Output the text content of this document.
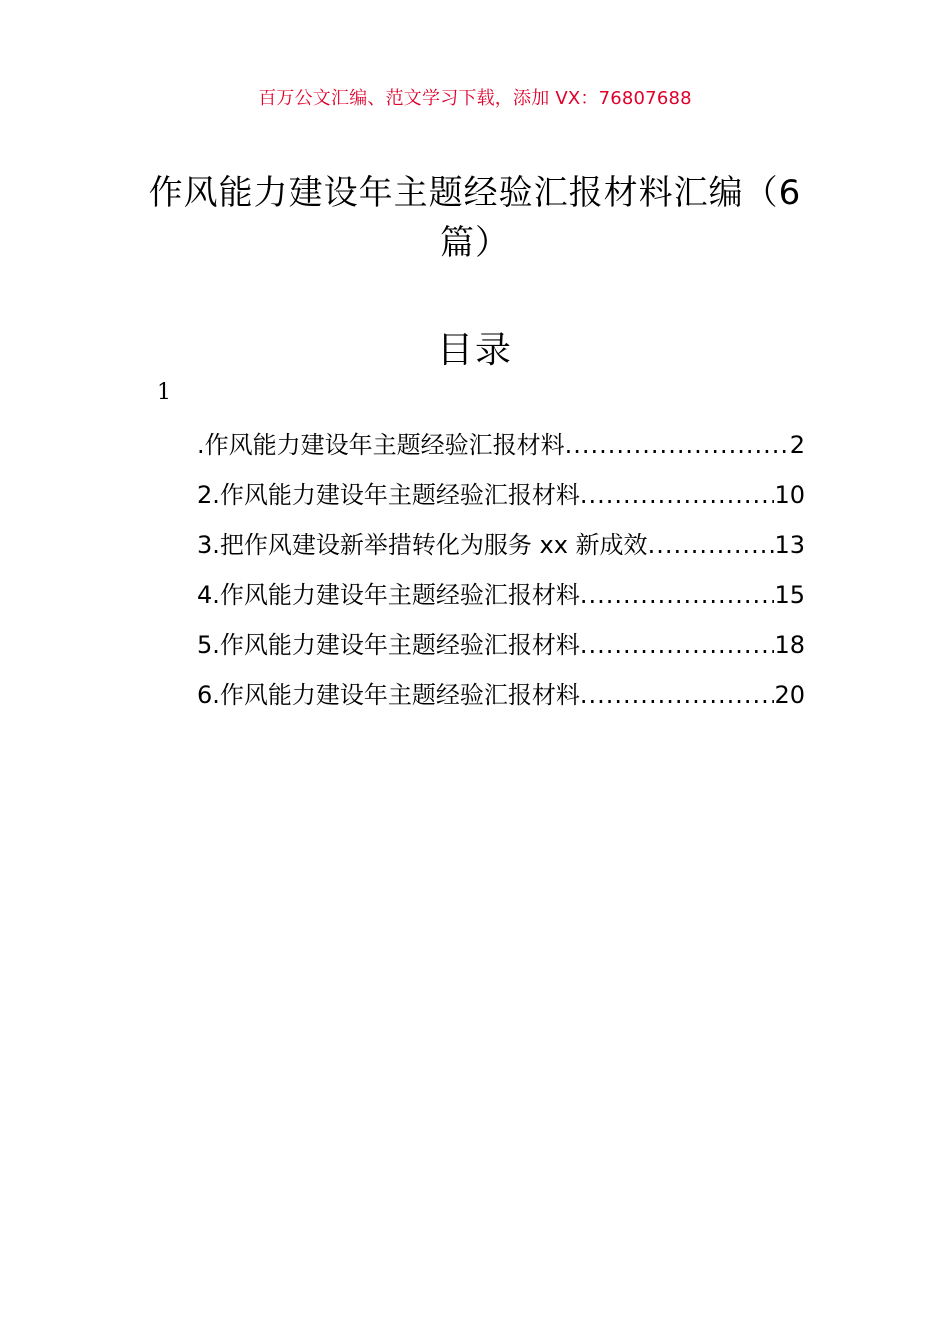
百万公文汇编、范文学习下载，添加 VX：76807688
作风能力建设年主题经验汇报材料汇编（6篇）
目录
1
.作风能力建设年主题经验汇报材料 .....	2
2.作风能力建设年主题经验汇报材料 .....	10
3.把作风建设新举措转化为服务 xx 新成效 .....	13
4.作风能力建设年主题经验汇报材料 .....	15
5.作风能力建设年主题经验汇报材料 .....	18
6.作风能力建设年主题经验汇报材料 .....	20
